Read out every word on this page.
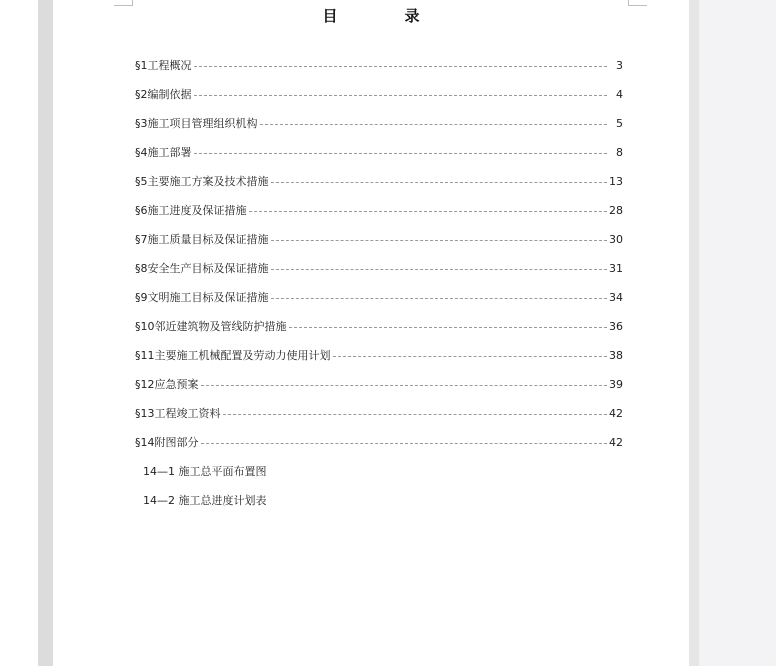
目　录
§1工程概况	3
§2编制依据	4
§3施工项目管理组织机构	5
§4施工部署	8
§5主要施工方案及技术措施	13
§6施工进度及保证措施	28
§7施工质量目标及保证措施	30
§8安全生产目标及保证措施	31
§9文明施工目标及保证措施	34
§10邻近建筑物及管线防护措施	36
§11主要施工机械配置及劳动力使用计划	38
§12应急预案	39
§13工程竣工资料	42
§14附图部分	42
14—1 施工总平面布置图
14—2 施工总进度计划表
